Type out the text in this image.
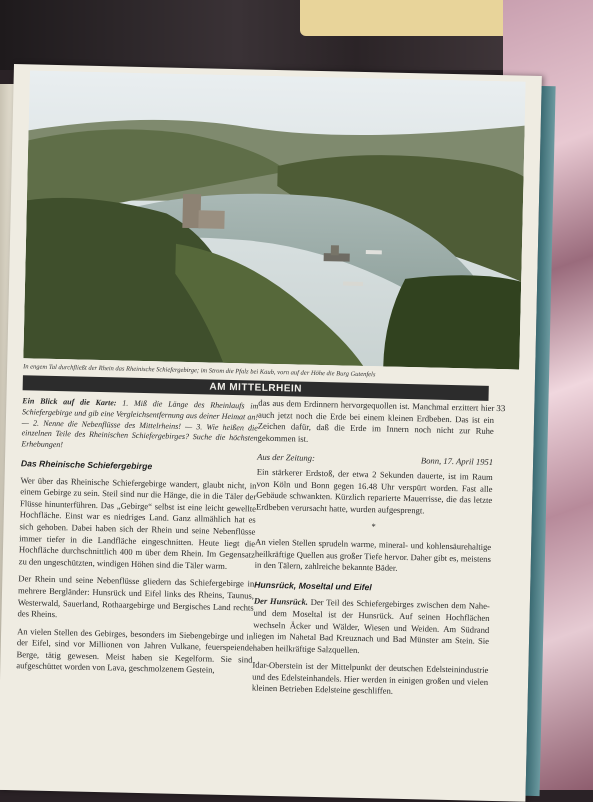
In engem Tal durchfließt der Rhein das Rheinische Schiefergebirge; im Strom die Pfalz bei Kaub, vorn auf der Höhe die Burg Gutenfels
AM MITTELRHEIN
33

Ein Blick auf die Karte: 1. Miß die Länge des Rheinlaufs im Schiefergebirge und gib eine Vergleichsentfernung aus deiner Heimat an! — 2. Nenne die Nebenflüsse des Mittelrheins! — 3. Wie heißen die einzelnen Teile des Rheinischen Schiefergebirges? Suche die höchsten Erhebungen!

Das Rheinische Schiefergebirge

Wer über das Rheinische Schiefergebirge wandert, glaubt nicht, in einem Gebirge zu sein. Steil sind nur die Hänge, die in die Täler der Flüsse hinunterführen. Das „Gebirge“ selbst ist eine leicht gewellte Hochfläche. Einst war es niedriges Land. Ganz allmählich hat es sich gehoben. Dabei haben sich der Rhein und seine Nebenflüsse immer tiefer in die Landfläche eingeschnitten. Heute liegt die Hochfläche durchschnittlich 400 m über dem Rhein. Im Gegensatz zu den ungeschützten, windigen Höhen sind die Täler warm.

Der Rhein und seine Nebenflüsse gliedern das Schiefergebirge in mehrere Bergländer: Hunsrück und Eifel links des Rheins, Taunus, Westerwald, Sauerland, Rothaargebirge und Bergisches Land rechts des Rheins.

An vielen Stellen des Gebirges, besonders im Siebengebirge und in der Eifel, sind vor Millionen von Jahren Vulkane, feuerspeiende Berge, tätig gewesen. Meist haben sie Kegelform. Sie sind aufgeschüttet worden von Lava, geschmolzenem Gestein,

das aus dem Erdinnern hervorgequollen ist. Manchmal erzittert hier auch jetzt noch die Erde bei einem kleinen Erdbeben. Das ist ein Zeichen dafür, daß die Erde im Innern noch nicht zur Ruhe gekommen ist.

Aus der Zeitung:	Bonn, 17. April 1951

Ein stärkerer Erdstoß, der etwa 2 Sekunden dauerte, ist im Raum von Köln und Bonn gegen 16.48 Uhr verspürt worden. Fast alle Gebäude schwankten. Kürzlich reparierte Mauerrisse, die das letzte Erdbeben verursacht hatte, wurden aufgesprengt.

*

An vielen Stellen sprudeln warme, mineral- und kohlensäurehaltige heilkräftige Quellen aus großer Tiefe hervor. Daher gibt es, meistens in den Tälern, zahlreiche bekannte Bäder.

Hunsrück, Moseltal und Eifel

Der Hunsrück. Der Teil des Schiefergebirges zwischen dem Nahe- und dem Moseltal ist der Hunsrück. Auf seinen Hochflächen wechseln Äcker und Wälder, Wiesen und Weiden. Am Südrand liegen im Nahetal Bad Kreuznach und Bad Münster am Stein. Sie haben heilkräftige Salzquellen.

Idar-Oberstein ist der Mittelpunkt der deutschen Edelsteinindustrie und des Edelsteinhandels. Hier werden in einigen großen und vielen kleinen Betrieben Edelsteine geschliffen.
